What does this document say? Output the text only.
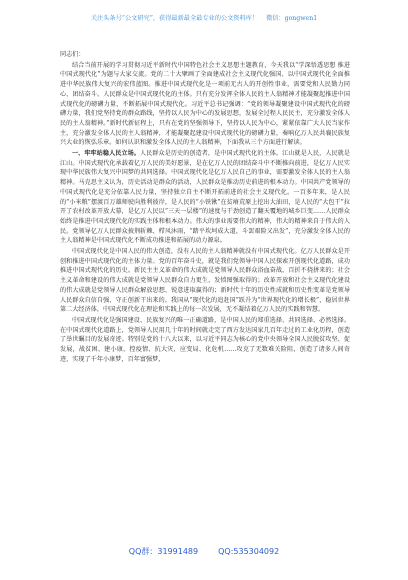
关注头条号“公文研究”，获得最新最全最专业的公文资料库！ 微信：gongwen1

同志们：

结合当前开展的学习贯彻习近平新时代中国特色社会主义思想主题教育，今天我以“学深悟透思想 推进中国式现代化”为题与大家交流。党的二十大擘画了全面建成社会主义现代化强国、以中国式现代化全面推进中华民族伟大复兴的宏伟蓝图。推进中国式现代化是一项前无古人的开创性事业，需要党和人民勠力同心、团结奋斗。人民群众是中国式现代化的主体。只有充分发挥全体人民的主人翁精神才能凝聚起推进中国式现代化的磅礴力量，不断拓展中国式现代化。习近平总书记强调：“党的领导凝聚建设中国式现代化的磅礴力量，我们党坚持党的群众路线，坚持以人民为中心的发展思想，发展全过程人民民主，充分激发全体人民的主人翁精神。”新时代新征程上，只有在党的坚强领导下，坚持以人民为中心，紧紧依靠广大人民当家作主，充分激发全体人民的主人翁精神，才能凝聚起建设中国式现代化的磅礴力量，奏响亿万人民共襄民族复兴大业的恢弘乐章。如何认识和激发全体人民的主人翁精神，下面我从三个方面进行解读。

一、牢牢站稳人民立场。人民群众是历史的创造者，是中国式现代化的主体。江山就是人民，人民就是江山。中国式现代化承载着亿万人民的美好愿景，是在亿万人民的团结奋斗中不断推向前进，是亿万人民实现中华民族伟大复兴中国梦的共同选择。中国式现代化是亿万人民自己的事业，需要激发全体人民的主人翁精神。马克思主义认为，历史活动是群众的活动，人民群众是推动历史前进的根本动力。中国共产党领导的中国式现代化是充分依靠人民力量，坚持独立自主不断开拓前进的社会主义现代化。一百多年来，是人民的“小米粮”摆渡百万雄师驶向胜利彼岸，是人民的“小铁锹”在贫瘠荒原上挖出大油田，是人民的“大包干”拉开了农村改革开放大幕，是亿万人民以“三天一层楼”的速度与干劲创造了翻天覆地的城乡巨变……人民群众始终是推进中国式现代化的实践主体和根本动力。伟大的事业需要伟大的精神，伟大的精神来自于伟大的人民。党领导亿万人民群众披荆斩棘、栉风沐雨，“踏平坎坷成大道，斗罢艰险又出发”，充分激发全体人民的主人翁精神是中国式现代化不断成功推进和拓展的动力源泉。

中国式现代化是中国人民的伟大创造，没有人民的主人翁精神就没有中国式现代化。亿万人民群众是开创和推进中国式现代化的主体力量。党的百年奋斗史，就是我们党领导中国人民探索开创现代化道路，成功推进中国式现代化的历史。新民主主义革命的伟大成就是党领导人民群众浴血奋战、百折不挠拼来的；社会主义革命和建设的伟大成就是党领导人民群众自力更生、发愤图强取得的；改革开放和社会主义现代化建设的伟大成就是党领导人民群众解放思想、锐意进取赢得的；新时代十年的历史性成就和历史性变革是党领导人民群众自信自强、守正创新干出来的。我国从“现代化的追赶国”跃升为“世界现代化的增长极”，稳居世界第二大经济体，中国式现代化在理论和实践上的每一次发展，无不凝结着亿万人民的实践和智慧。

中国式现代化是强国建设、民族复兴的唯一正确道路，是中国人民的郑重选择、共同选择、必然选择。在中国式现代化道路上，党领导人民用几十年的时间就走完了西方发达国家几百年走过的工业化历程，创造了举世瞩目的发展奇迹。特别是党的十八大以来，以习近平同志为核心的党中央领导全国人民脱贫攻坚、促发展，战贫困、建小康，控疫情、抗大灾，应变局、化危机……攻克了无数难关险阻，创造了诸多人间奇迹，实现了千年小康梦，百年富强梦，

QQ群：31991489	QQ:535304092
